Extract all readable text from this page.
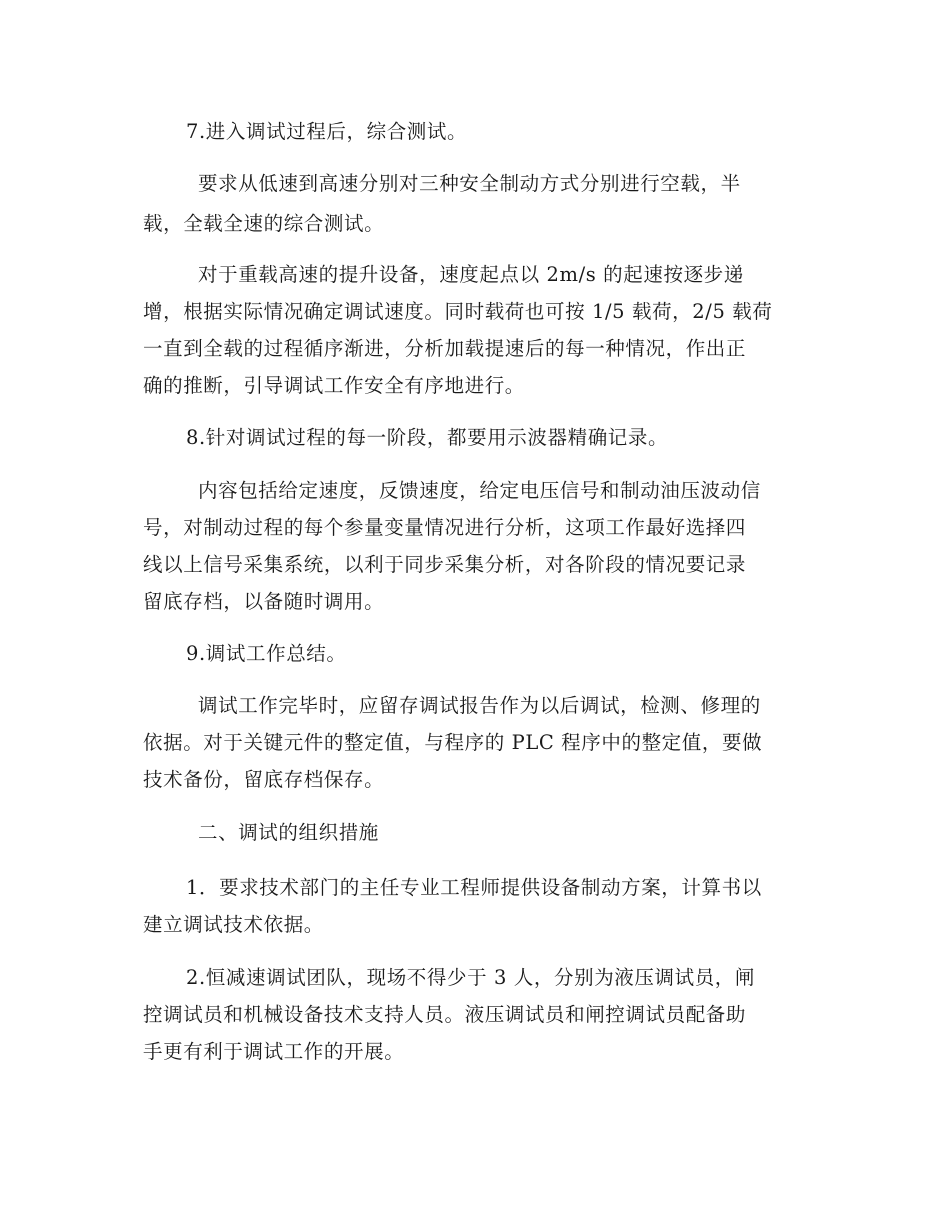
7.进入调试过程后，综合测试。
要求从低速到高速分别对三种安全制动方式分别进行空载，半
载，全载全速的综合测试。
对于重载高速的提升设备，速度起点以 2m/s 的起速按逐步递
增，根据实际情况确定调试速度。同时载荷也可按 1/5 载荷，2/5 载荷
一直到全载的过程循序渐进，分析加载提速后的每一种情况，作出正
确的推断，引导调试工作安全有序地进行。
8.针对调试过程的每一阶段，都要用示波器精确记录。
内容包括给定速度，反馈速度，给定电压信号和制动油压波动信
号，对制动过程的每个参量变量情况进行分析，这项工作最好选择四
线以上信号采集系统，以利于同步采集分析，对各阶段的情况要记录
留底存档，以备随时调用。
9.调试工作总结。
调试工作完毕时，应留存调试报告作为以后调试，检测、修理的
依据。对于关键元件的整定值，与程序的 PLC 程序中的整定值，要做
技术备份，留底存档保存。
二、调试的组织措施
1．要求技术部门的主任专业工程师提供设备制动方案，计算书以
建立调试技术依据。
2.恒减速调试团队，现场不得少于 3 人，分别为液压调试员，闸
控调试员和机械设备技术支持人员。液压调试员和闸控调试员配备助
手更有利于调试工作的开展。
